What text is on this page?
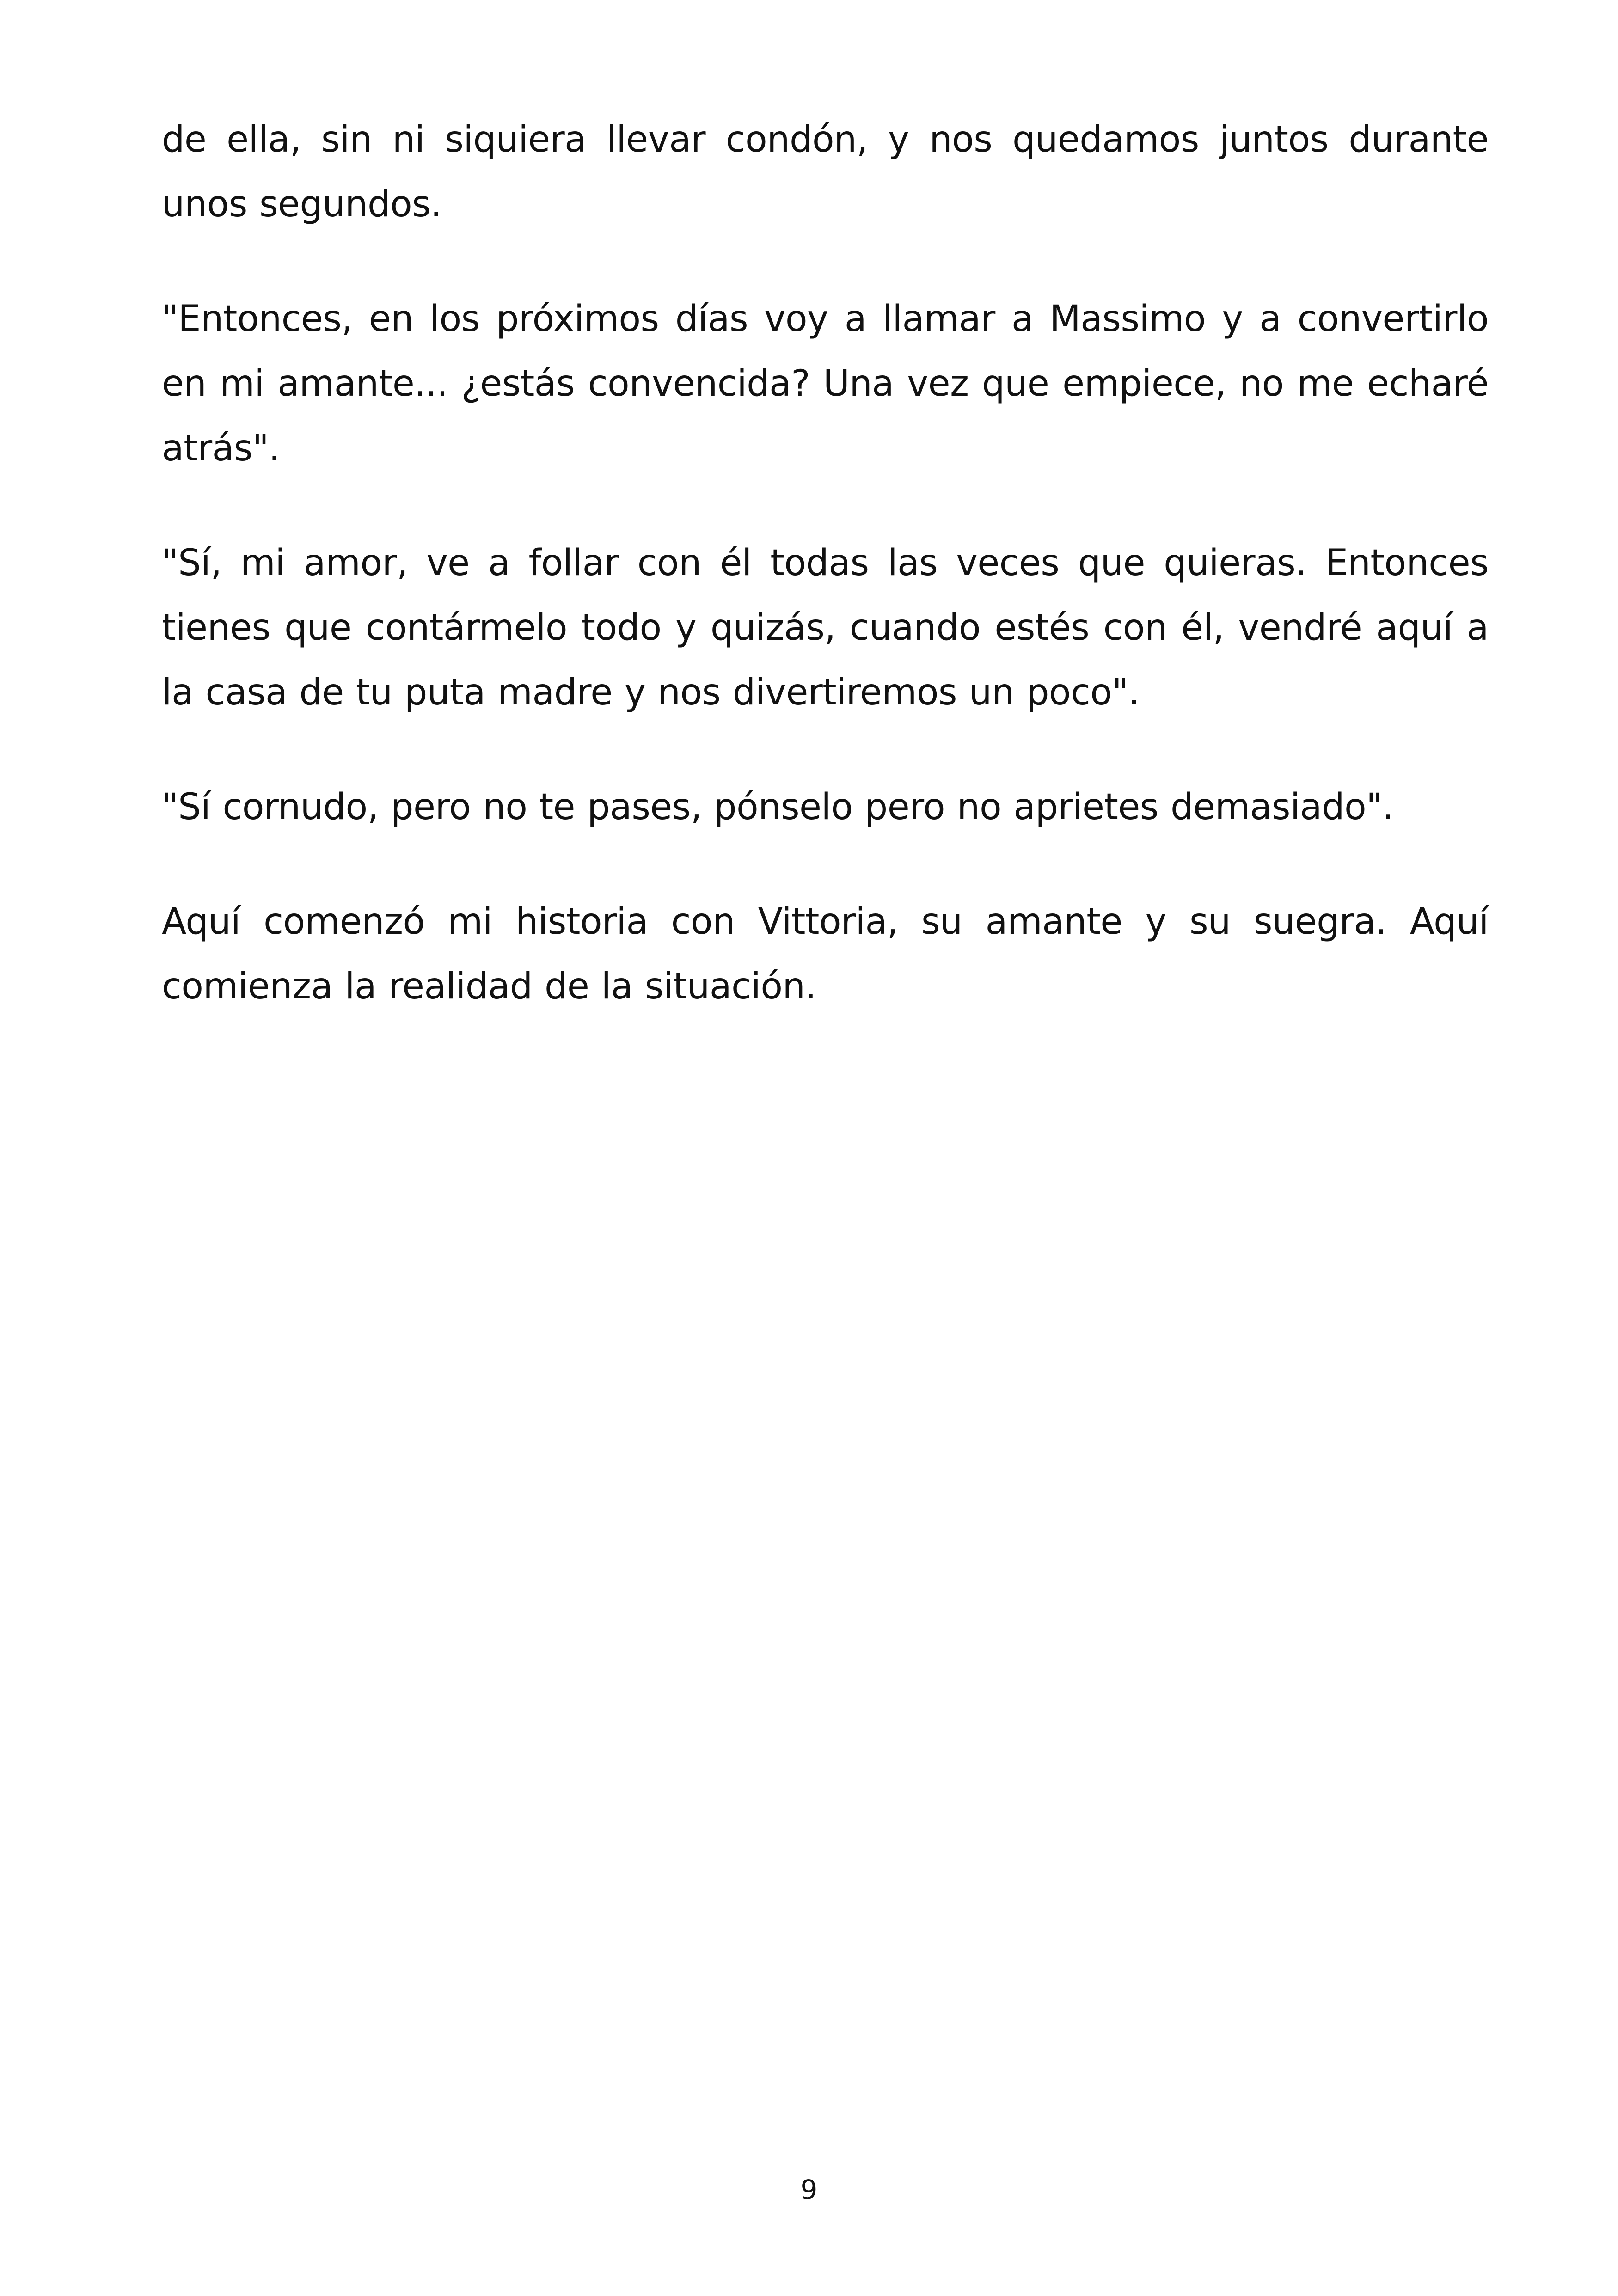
de ella, sin ni siquiera llevar condón, y nos quedamos juntos durante unos segundos.

"Entonces, en los próximos días voy a llamar a Massimo y a convertirlo en mi amante... ¿estás convencida? Una vez que empiece, no me echaré atrás".

"Sí, mi amor, ve a follar con él todas las veces que quieras. Entonces tienes que contármelo todo y quizás, cuando estés con él, vendré aquí a la casa de tu puta madre y nos divertiremos un poco".

"Sí cornudo, pero no te pases, pónselo pero no aprietes demasiado".

Aquí comenzó mi historia con Vittoria, su amante y su suegra. Aquí comienza la realidad de la situación.

9
